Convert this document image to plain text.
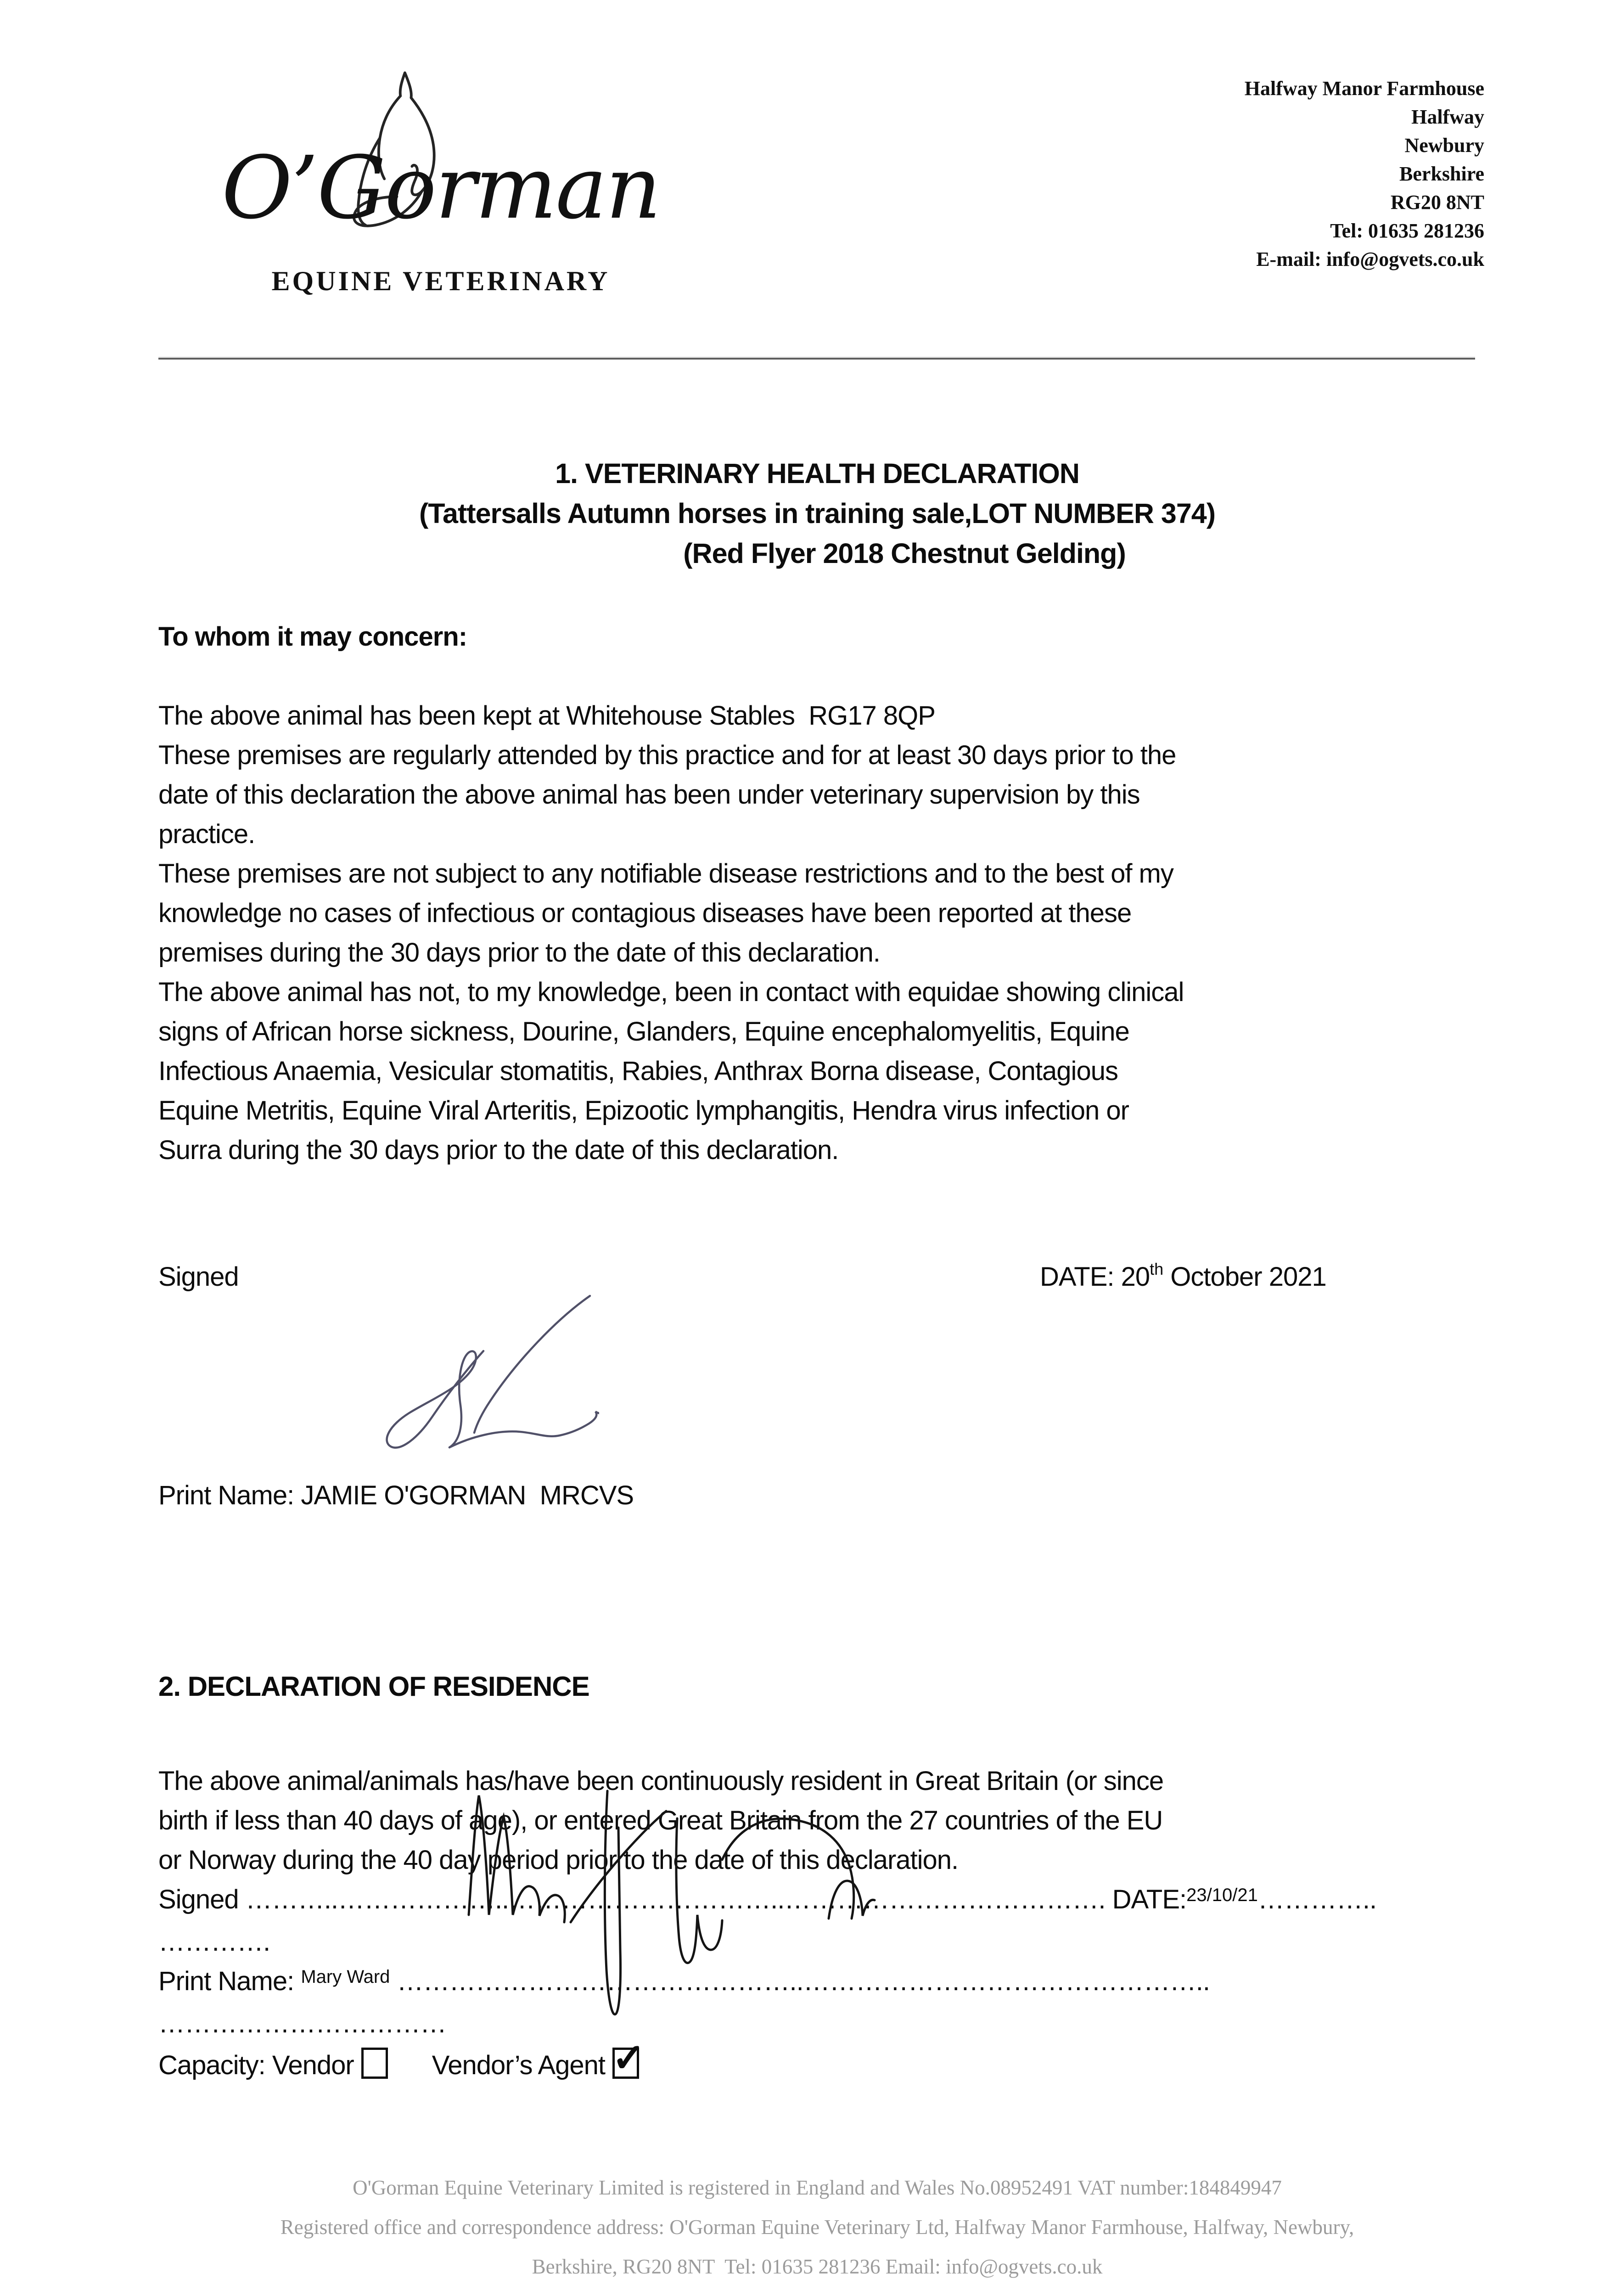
O’Gorman
EQUINE VETERINARY
Halfway Manor Farmhouse
Halfway
Newbury
Berkshire
RG20 8NT
Tel: 01635 281236
E-mail: info@ogvets.co.uk
1. VETERINARY HEALTH DECLARATION
(Tattersalls Autumn horses in training sale,LOT NUMBER 374)
(Red Flyer 2018 Chestnut Gelding)
To whom it may concern:
The above animal has been kept at Whitehouse Stables  RG17 8QP
These premises are regularly attended by this practice and for at least 30 days prior to the
date of this declaration the above animal has been under veterinary supervision by this
practice.
These premises are not subject to any notifiable disease restrictions and to the best of my
knowledge no cases of infectious or contagious diseases have been reported at these
premises during the 30 days prior to the date of this declaration.
The above animal has not, to my knowledge, been in contact with equidae showing clinical
signs of African horse sickness, Dourine, Glanders, Equine encephalomyelitis, Equine
Infectious Anaemia, Vesicular stomatitis, Rabies, Anthrax Borna disease, Contagious
Equine Metritis, Equine Viral Arteritis, Epizootic lymphangitis, Hendra virus infection or
Surra during the 30 days prior to the date of this declaration.
Signed	DATE: 20th October 2021
Print Name: JAMIE O'GORMAN  MRCVS
2. DECLARATION OF RESIDENCE
The above animal/animals has/have been continuously resident in Great Britain (or since
birth if less than 40 days of age), or entered Great Britain from the 27 countries of the EU
or Norway during the 40 day period prior to the date of this declaration.
Signed ………..………………..…………………………..………………………………. DATE:$^{23/10/21}$…………..
………….
Print Name: $^{Mary Ward}$ ………………………………………..………………………………………..
……………………………
Capacity: Vendor	Vendor’s Agent ✓
O'Gorman Equine Veterinary Limited is registered in England and Wales No.08952491 VAT number:184849947
Registered office and correspondence address: O'Gorman Equine Veterinary Ltd, Halfway Manor Farmhouse, Halfway, Newbury,
Berkshire, RG20 8NT  Tel: 01635 281236 Email: info@ogvets.co.uk
